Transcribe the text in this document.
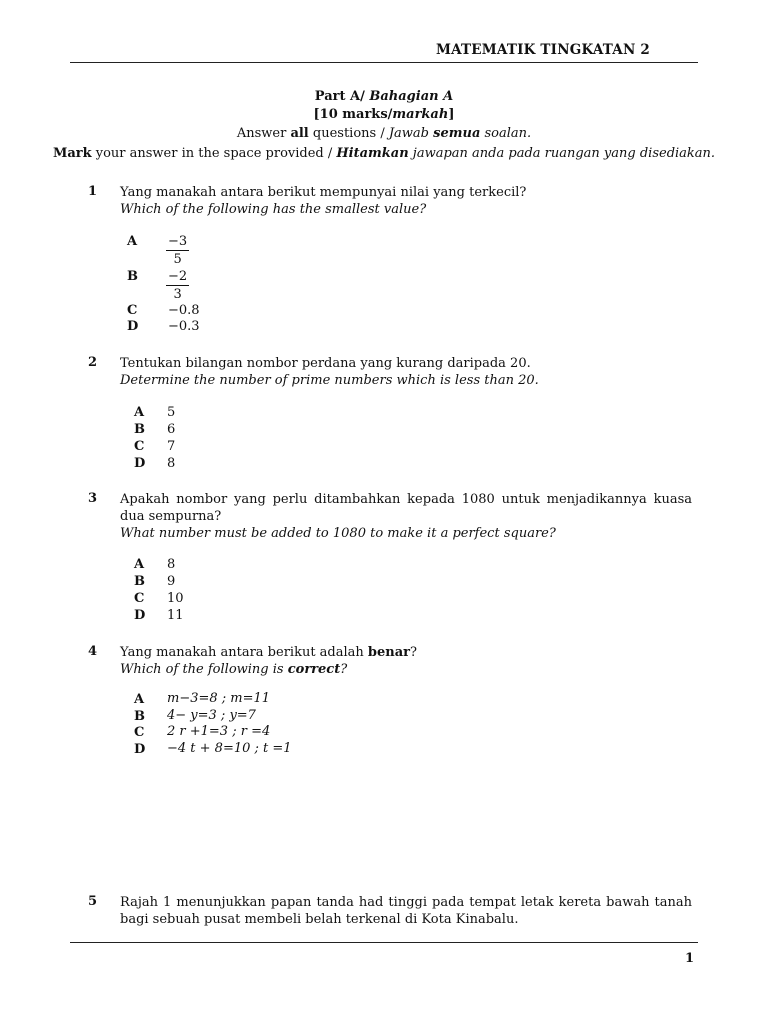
MATEMATIK TINGKATAN 2
Part A/ Bahagian A
[10 marks/markah]
Answer all questions / Jawab semua soalan.
Mark your answer in the space provided / Hitamkan jawapan anda pada ruangan yang disediakan.
1 Yang manakah antara berikut mempunyai nilai yang terkecil?
Which of the following has the smallest value?
A $\frac{-3}{5}$
B $\frac{-2}{3}$
C −0.8
D −0.3
2 Tentukan bilangan nombor perdana yang kurang daripada 20.
Determine the number of prime numbers which is less than 20.
A 5
B 6
C 7
D 8
3 Apakah nombor yang perlu ditambahkan kepada 1080 untuk menjadikannya kuasa dua sempurna?
What number must be added to 1080 to make it a perfect square?
A 8
B 9
C 10
D 11
4 Yang manakah antara berikut adalah benar?
Which of the following is correct?
A m−3=8 ; m=11
B 4− y=3 ; y=7
C 2 r +1=3 ; r =4
D −4 t + 8=10 ; t =1
5 Rajah 1 menunjukkan papan tanda had tinggi pada tempat letak kereta bawah tanah bagi sebuah pusat membeli belah terkenal di Kota Kinabalu.
1
